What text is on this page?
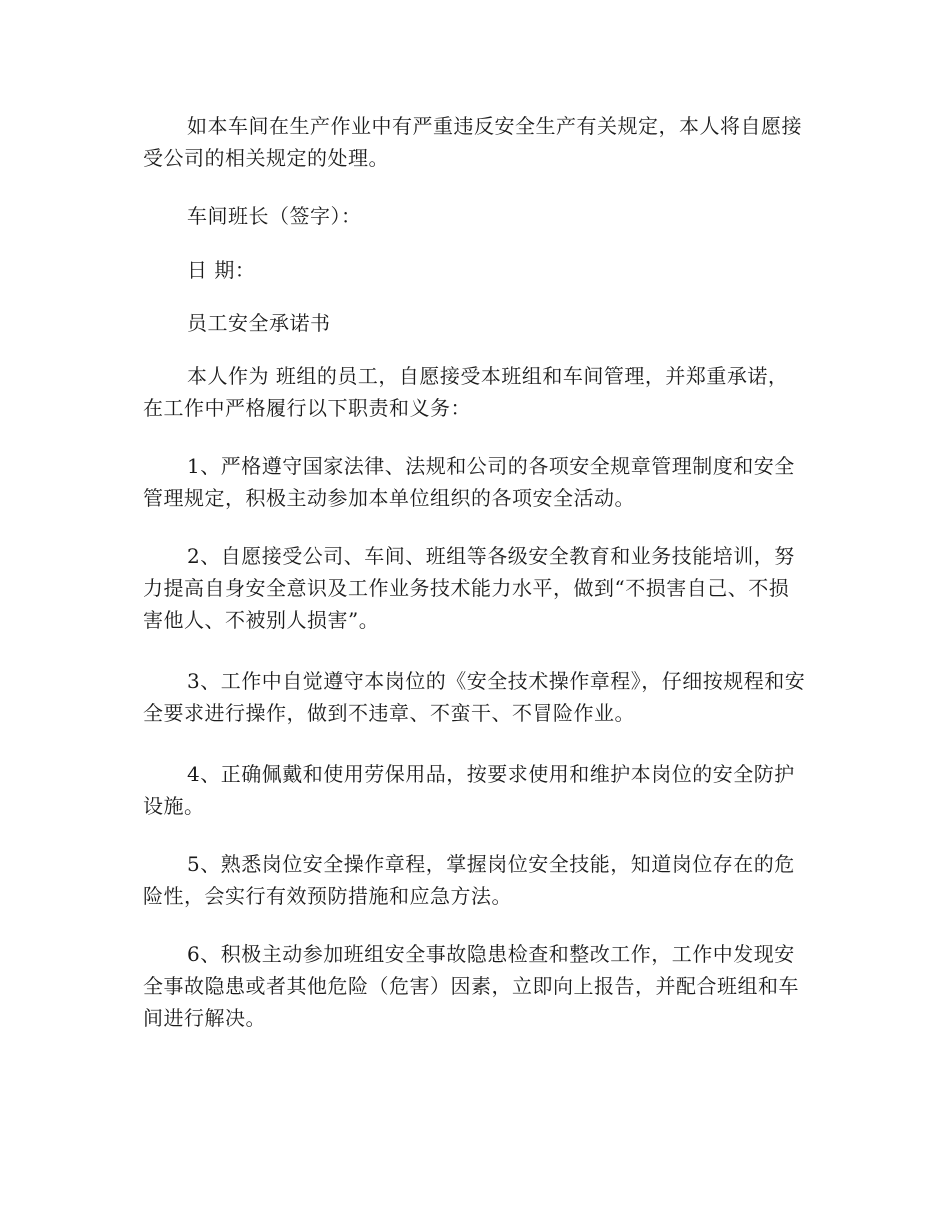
如本车间在生产作业中有严重违反安全生产有关规定，本人将自愿接受公司的相关规定的处理。

车间班长（签字）：

日 期：

员工安全承诺书

本人作为 班组的员工，自愿接受本班组和车间管理，并郑重承诺，在工作中严格履行以下职责和义务：

1、严格遵守国家法律、法规和公司的各项安全规章管理制度和安全管理规定，积极主动参加本单位组织的各项安全活动。

2、自愿接受公司、车间、班组等各级安全教育和业务技能培训，努力提高自身安全意识及工作业务技术能力水平，做到“不损害自己、不损害他人、不被别人损害”。

3、工作中自觉遵守本岗位的《安全技术操作章程》，仔细按规程和安全要求进行操作，做到不违章、不蛮干、不冒险作业。

4、正确佩戴和使用劳保用品，按要求使用和维护本岗位的安全防护设施。

5、熟悉岗位安全操作章程，掌握岗位安全技能，知道岗位存在的危险性，会实行有效预防措施和应急方法。

6、积极主动参加班组安全事故隐患检查和整改工作，工作中发现安全事故隐患或者其他危险（危害）因素，立即向上报告，并配合班组和车间进行解决。
